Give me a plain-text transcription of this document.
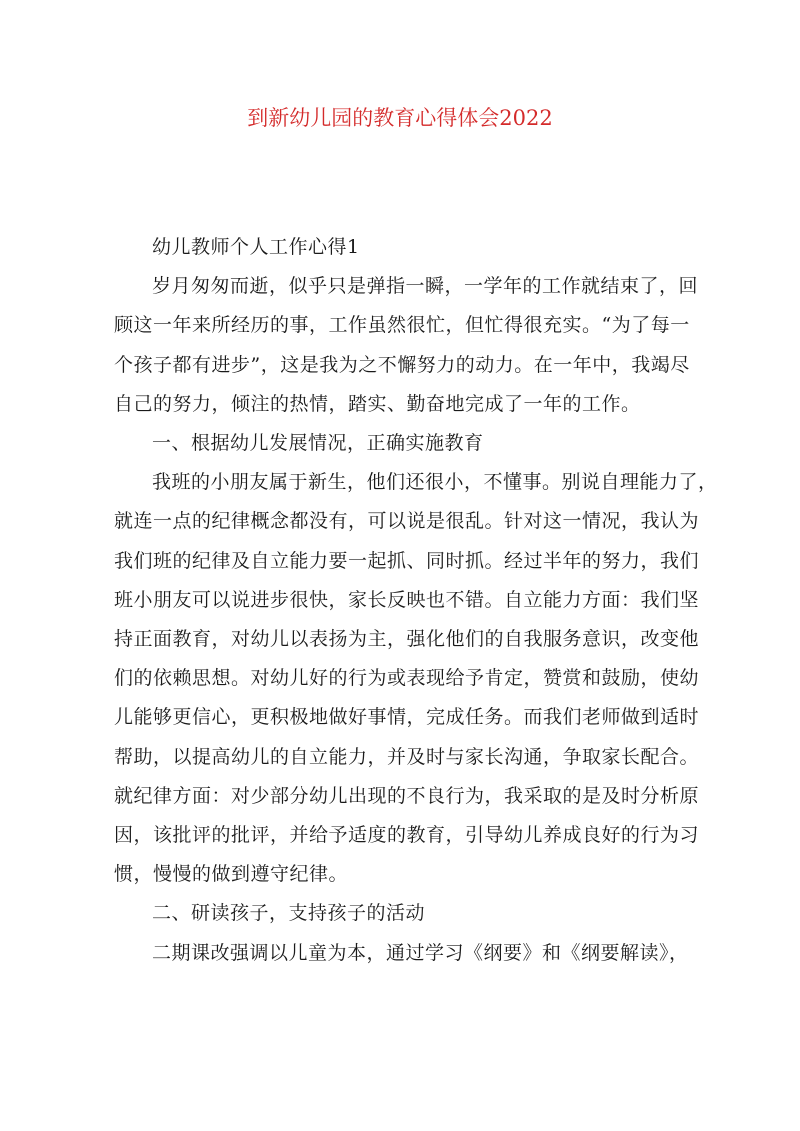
到新幼儿园的教育心得体会2022
幼儿教师个人工作心得1
岁月匆匆而逝，似乎只是弹指一瞬，一学年的工作就结束了，回
顾这一年来所经历的事，工作虽然很忙，但忙得很充实。“为了每一
个孩子都有进步”，这是我为之不懈努力的动力。在一年中，我竭尽
自己的努力，倾注的热情，踏实、勤奋地完成了一年的工作。
一、根据幼儿发展情况，正确实施教育
我班的小朋友属于新生，他们还很小，不懂事。别说自理能力了，
就连一点的纪律概念都没有，可以说是很乱。针对这一情况，我认为
我们班的纪律及自立能力要一起抓、同时抓。经过半年的努力，我们
班小朋友可以说进步很快，家长反映也不错。自立能力方面：我们坚
持正面教育，对幼儿以表扬为主，强化他们的自我服务意识，改变他
们的依赖思想。对幼儿好的行为或表现给予肯定，赞赏和鼓励，使幼
儿能够更信心，更积极地做好事情，完成任务。而我们老师做到适时
帮助，以提高幼儿的自立能力，并及时与家长沟通，争取家长配合。
就纪律方面：对少部分幼儿出现的不良行为，我采取的是及时分析原
因，该批评的批评，并给予适度的教育，引导幼儿养成良好的行为习
惯，慢慢的做到遵守纪律。
二、研读孩子，支持孩子的活动
二期课改强调以儿童为本，通过学习《纲要》和《纲要解读》，
